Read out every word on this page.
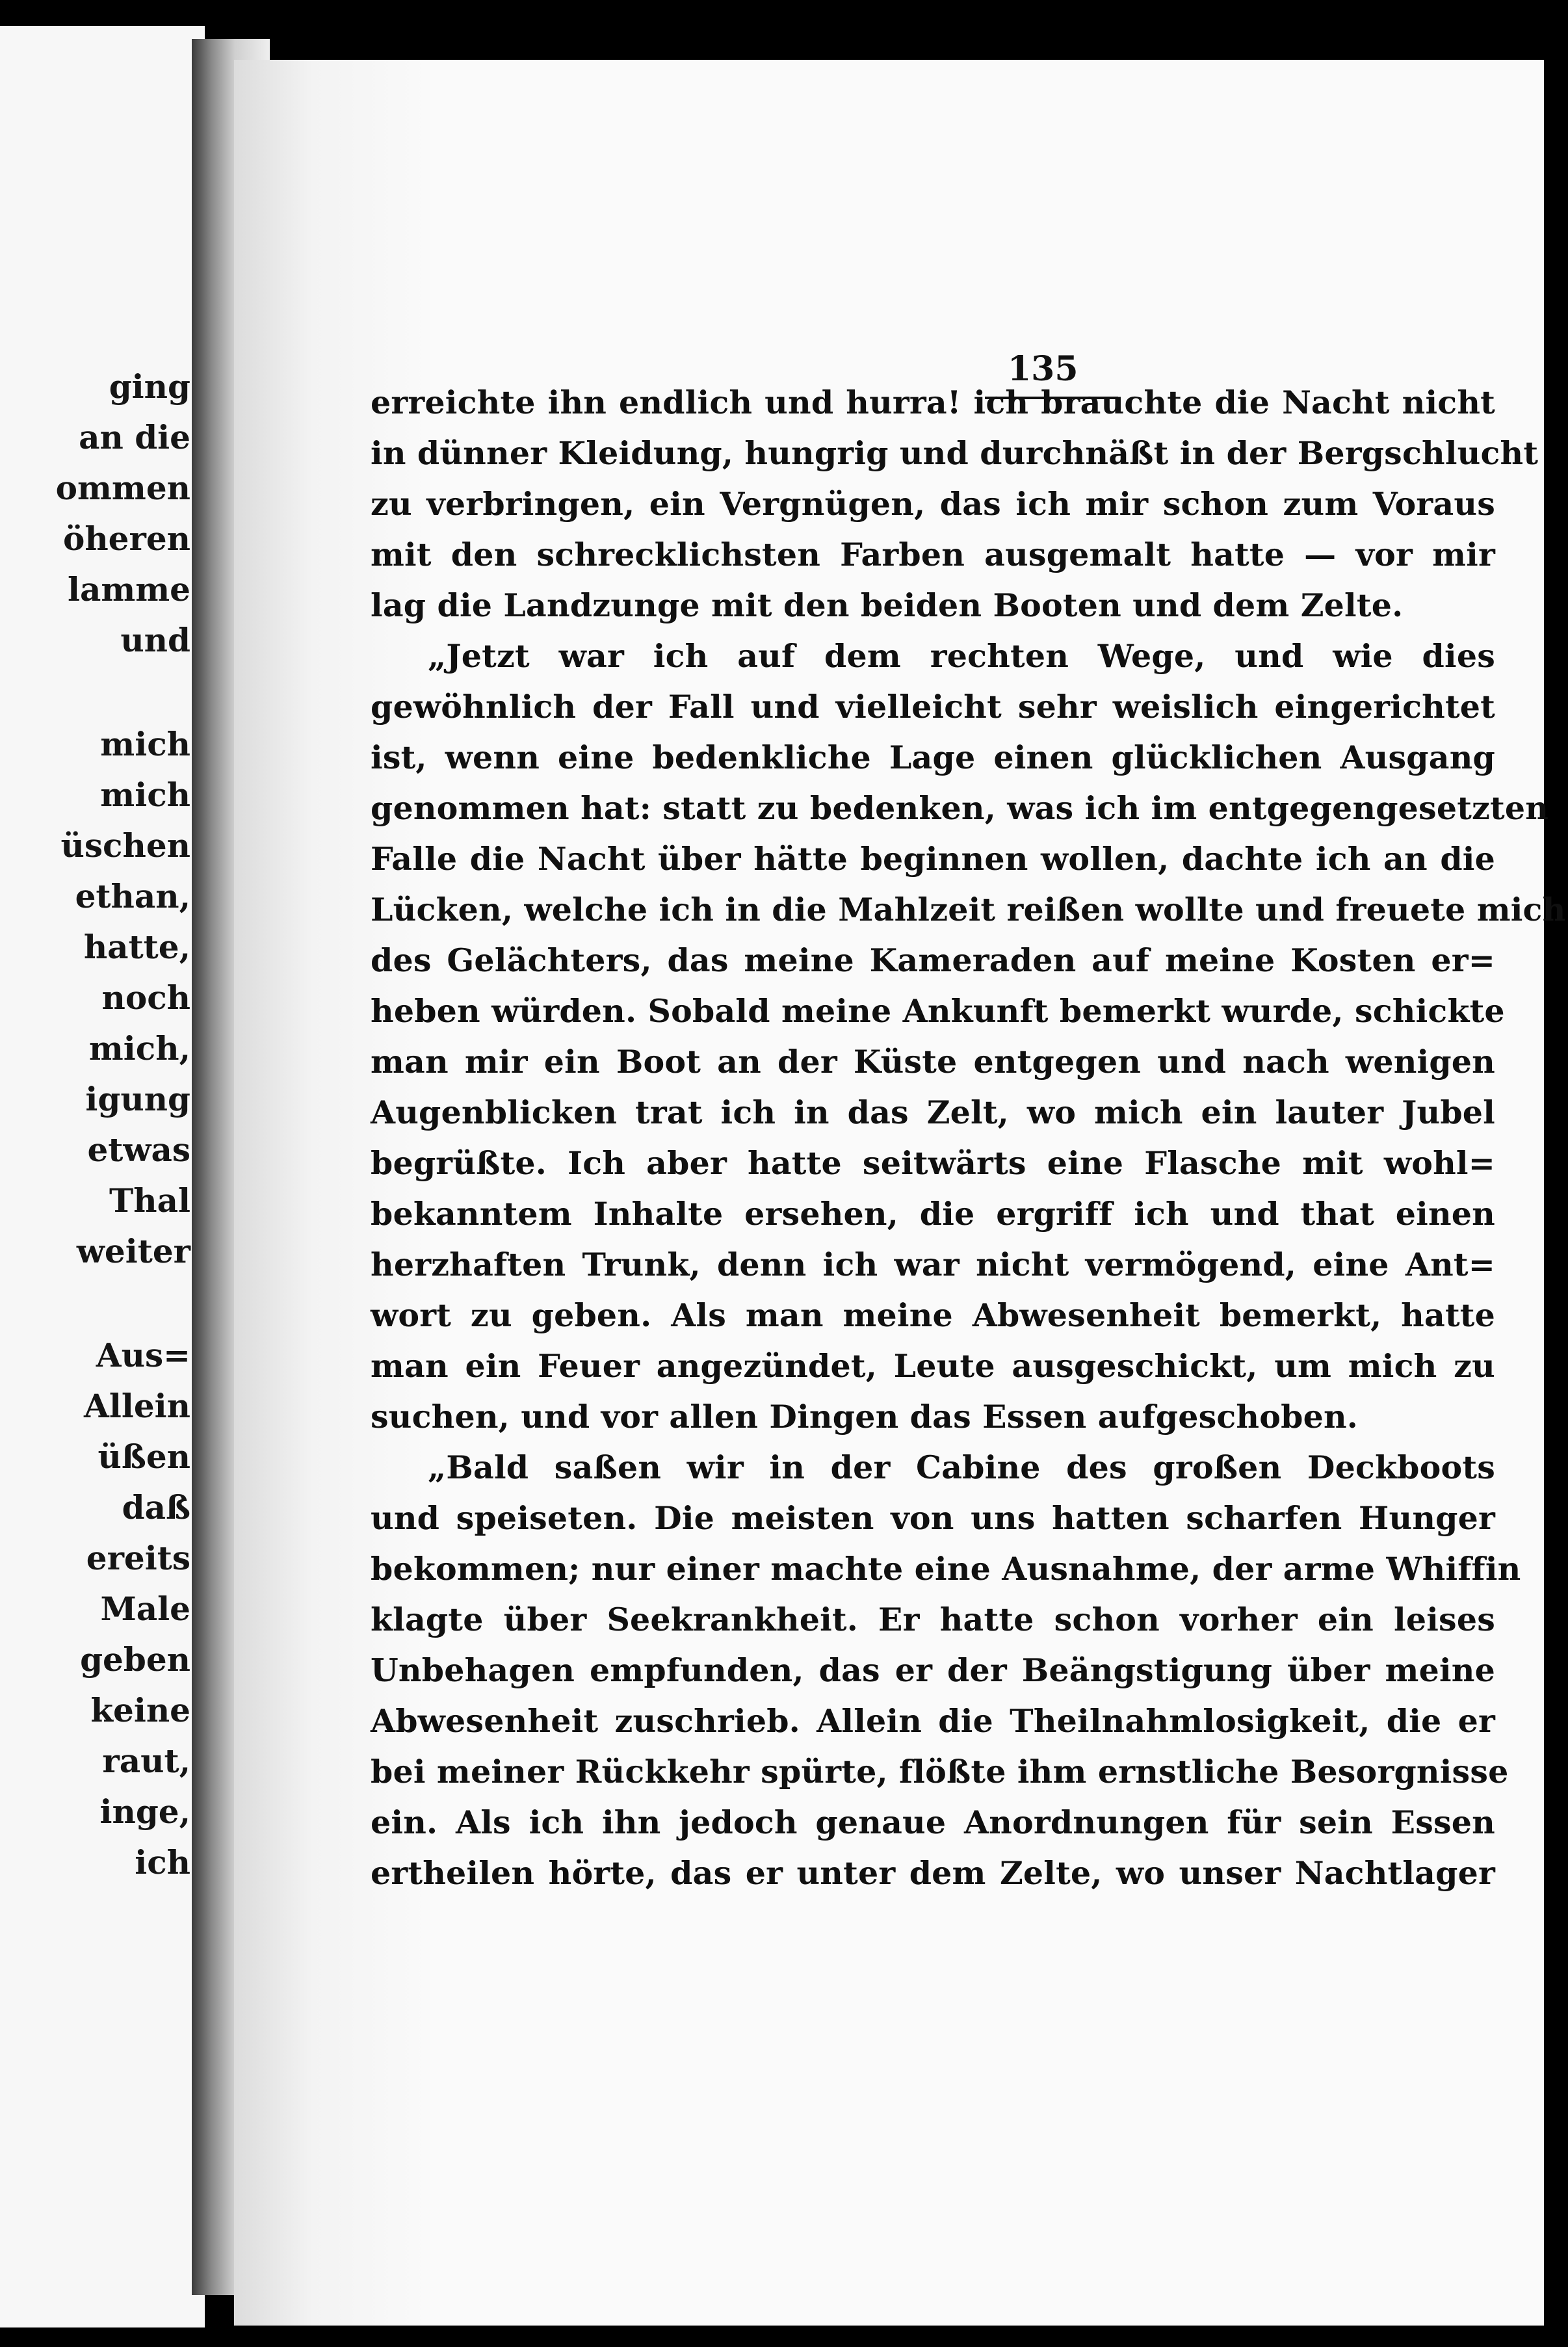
ging
an die
ommen
öheren
lamme
und
mich
mich
üschen
ethan,
hatte,
noch
mich,
igung
etwas
Thal
weiter
Aus=
Allein
üßen
daß
ereits
Male
geben
keine
raut,
inge,
ich
135
erreichte ihn endlich und hurra! ich brauchte die Nacht nicht
in dünner Kleidung, hungrig und durchnäßt in der Bergschlucht
zu verbringen, ein Vergnügen, das ich mir schon zum Voraus
mit den schrecklichsten Farben ausgemalt hatte — vor mir
lag die Landzunge mit den beiden Booten und dem Zelte.
„Jetzt war ich auf dem rechten Wege, und wie dies
gewöhnlich der Fall und vielleicht sehr weislich eingerichtet
ist, wenn eine bedenkliche Lage einen glücklichen Ausgang
genommen hat: statt zu bedenken, was ich im entgegengesetzten
Falle die Nacht über hätte beginnen wollen, dachte ich an die
Lücken, welche ich in die Mahlzeit reißen wollte und freuete mich
des Gelächters, das meine Kameraden auf meine Kosten er=
heben würden. Sobald meine Ankunft bemerkt wurde, schickte
man mir ein Boot an der Küste entgegen und nach wenigen
Augenblicken trat ich in das Zelt, wo mich ein lauter Jubel
begrüßte. Ich aber hatte seitwärts eine Flasche mit wohl=
bekanntem Inhalte ersehen, die ergriff ich und that einen
herzhaften Trunk, denn ich war nicht vermögend, eine Ant=
wort zu geben. Als man meine Abwesenheit bemerkt, hatte
man ein Feuer angezündet, Leute ausgeschickt, um mich zu
suchen, und vor allen Dingen das Essen aufgeschoben.
„Bald saßen wir in der Cabine des großen Deckboots
und speiseten. Die meisten von uns hatten scharfen Hunger
bekommen; nur einer machte eine Ausnahme, der arme Whiffin
klagte über Seekrankheit. Er hatte schon vorher ein leises
Unbehagen empfunden, das er der Beängstigung über meine
Abwesenheit zuschrieb. Allein die Theilnahmlosigkeit, die er
bei meiner Rückkehr spürte, flößte ihm ernstliche Besorgnisse
ein. Als ich ihn jedoch genaue Anordnungen für sein Essen
ertheilen hörte, das er unter dem Zelte, wo unser Nachtlager
